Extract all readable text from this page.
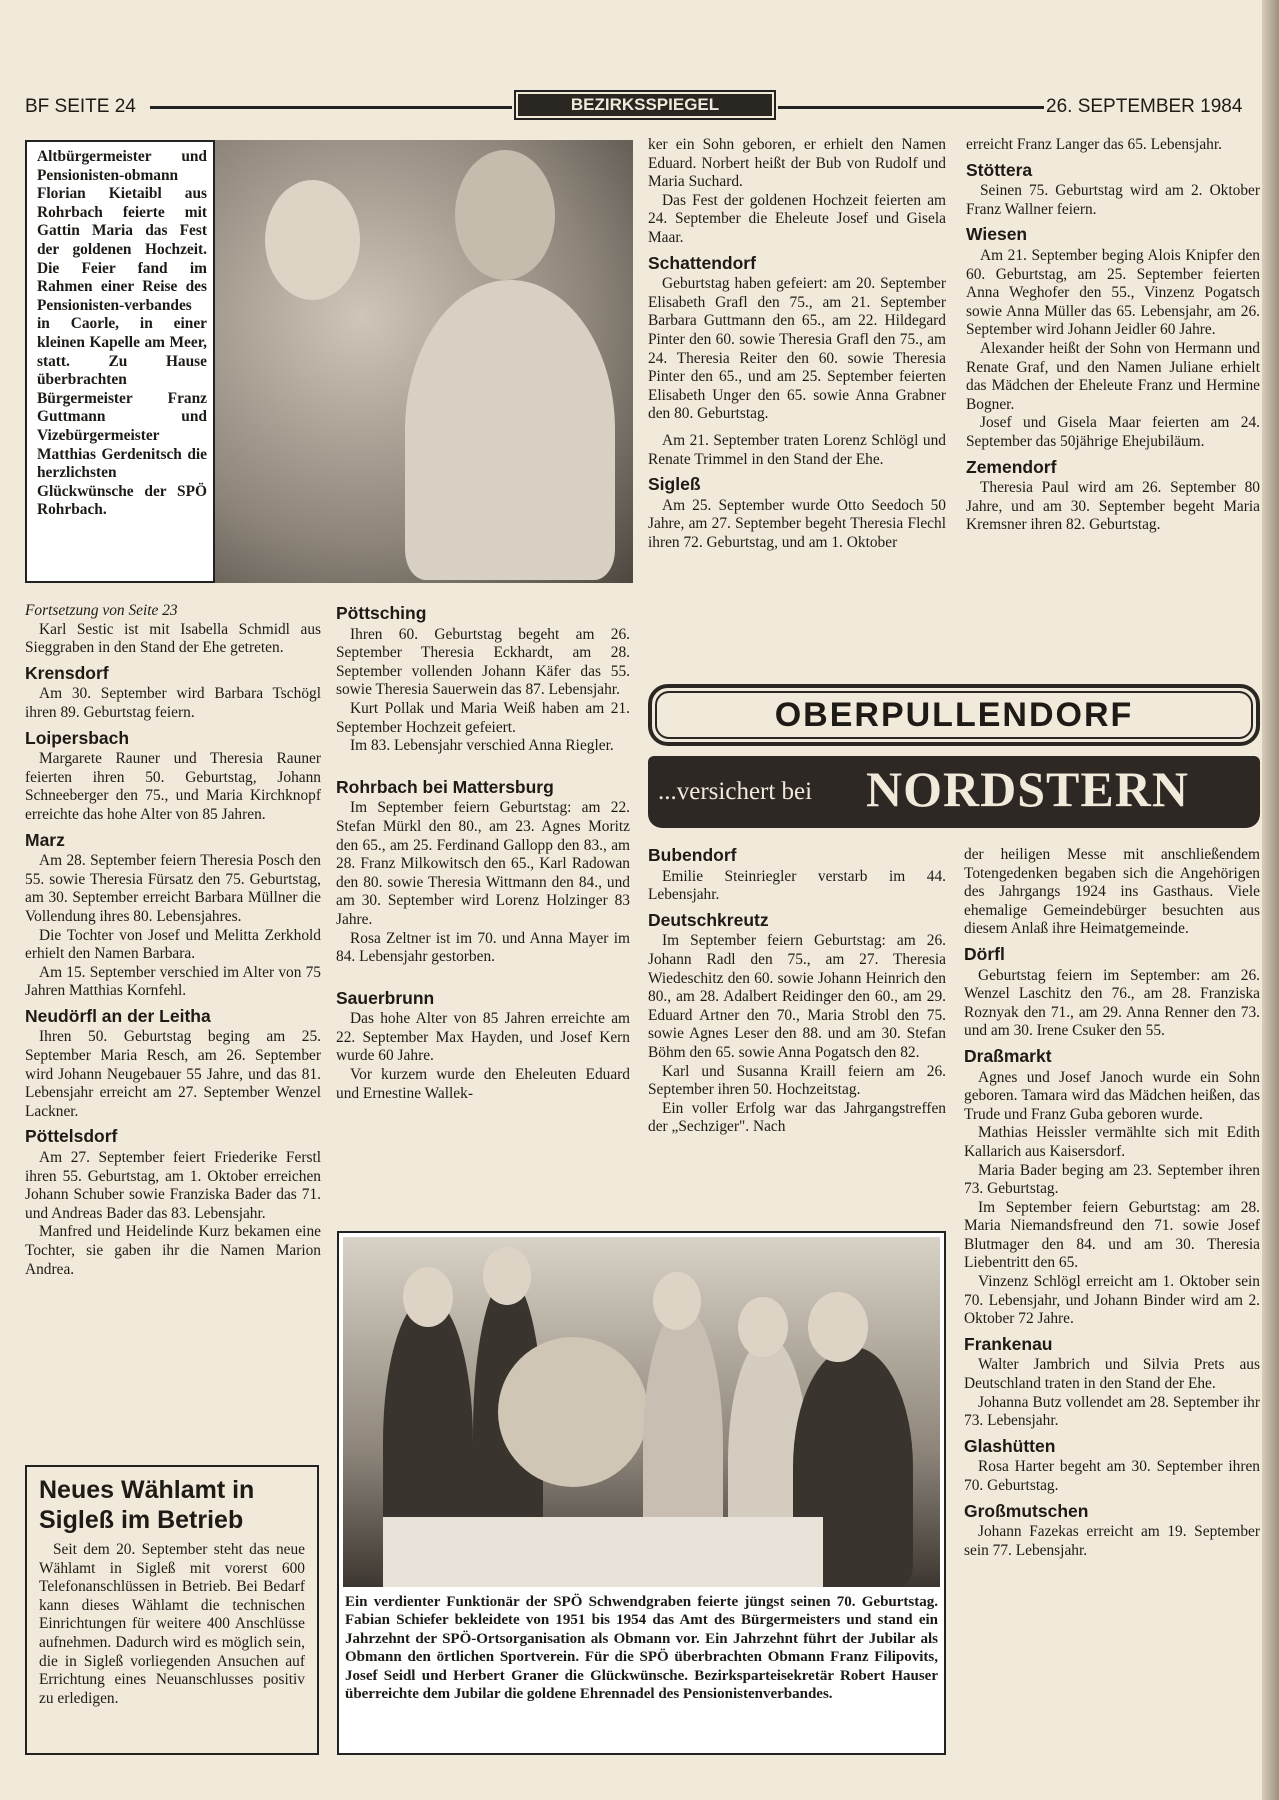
BF SEITE 24	BEZIRKSSPIEGEL	26. SEPTEMBER 1984
Altbürgermeister und Pensionisten-obmann Florian Kietaibl aus Rohrbach feierte mit Gattin Maria das Fest der goldenen Hochzeit. Die Feier fand im Rahmen einer Reise des Pensionisten-verbandes in Caorle, in einer kleinen Kapelle am Meer, statt. Zu Hause überbrachten Bürgermeister Franz Guttmann und Vizebürgermeister Matthias Gerdenitsch die herzlichsten Glückwünsche der SPÖ Rohrbach.

Fortsetzung von Seite 23

Karl Sestic ist mit Isabella Schmidl aus Sieggraben in den Stand der Ehe getreten.

Krensdorf

Am 30. September wird Barbara Tschögl ihren 89. Geburtstag feiern.

Loipersbach

Margarete Rauner und Theresia Rauner feierten ihren 50. Geburtstag, Johann Schneeberger den 75., und Maria Kirchknopf erreichte das hohe Alter von 85 Jahren.

Marz

Am 28. September feiern Theresia Posch den 55. sowie Theresia Fürsatz den 75. Geburtstag, am 30. September erreicht Barbara Müllner die Vollendung ihres 80. Lebensjahres.

Die Tochter von Josef und Melitta Zerkhold erhielt den Namen Barbara.

Am 15. September verschied im Alter von 75 Jahren Matthias Kornfehl.

Neudörfl an der Leitha

Ihren 50. Geburtstag beging am 25. September Maria Resch, am 26. September wird Johann Neugebauer 55 Jahre, und das 81. Lebensjahr erreicht am 27. September Wenzel Lackner.

Pöttelsdorf

Am 27. September feiert Friederike Ferstl ihren 55. Geburtstag, am 1. Oktober erreichen Johann Schuber sowie Franziska Bader das 71. und Andreas Bader das 83. Lebensjahr.

Manfred und Heidelinde Kurz bekamen eine Tochter, sie gaben ihr die Namen Marion Andrea.

Neues Wählamt in Sigleß im Betrieb
Seit dem 20. September steht das neue Wählamt in Sigleß mit vorerst 600 Telefonanschlüssen in Betrieb. Bei Bedarf kann dieses Wählamt die technischen Einrichtungen für weitere 400 Anschlüsse aufnehmen. Dadurch wird es möglich sein, die in Sigleß vorliegenden Ansuchen auf Errichtung eines Neuanschlusses positiv zu erledigen.
Pöttsching

Ihren 60. Geburtstag begeht am 26. September Theresia Eckhardt, am 28. September vollenden Johann Käfer das 55. sowie Theresia Sauerwein das 87. Lebensjahr.

Kurt Pollak und Maria Weiß haben am 21. September Hochzeit gefeiert.

Im 83. Lebensjahr verschied Anna Riegler.

Rohrbach bei Mattersburg

Im September feiern Geburtstag: am 22. Stefan Mürkl den 80., am 23. Agnes Moritz den 65., am 25. Ferdinand Gallopp den 83., am 28. Franz Milkowitsch den 65., Karl Radowan den 80. sowie Theresia Wittmann den 84., und am 30. September wird Lorenz Holzinger 83 Jahre.

Rosa Zeltner ist im 70. und Anna Mayer im 84. Lebensjahr gestorben.

Sauerbrunn

Das hohe Alter von 85 Jahren erreichte am 22. September Max Hayden, und Josef Kern wurde 60 Jahre.

Vor kurzem wurde den Eheleuten Eduard und Ernestine Wallek-

ker ein Sohn geboren, er erhielt den Namen Eduard. Norbert heißt der Bub von Rudolf und Maria Suchard.

Das Fest der goldenen Hochzeit feierten am 24. September die Eheleute Josef und Gisela Maar.

Schattendorf

Geburtstag haben gefeiert: am 20. September Elisabeth Grafl den 75., am 21. September Barbara Guttmann den 65., am 22. Hildegard Pinter den 60. sowie Theresia Grafl den 75., am 24. Theresia Reiter den 60. sowie Theresia Pinter den 65., und am 25. September feierten Elisabeth Unger den 65. sowie Anna Grabner den 80. Geburtstag.

Am 21. September traten Lorenz Schlögl und Renate Trimmel in den Stand der Ehe.

Sigleß

Am 25. September wurde Otto Seedoch 50 Jahre, am 27. September begeht Theresia Flechl ihren 72. Geburtstag, und am 1. Oktober

erreicht Franz Langer das 65. Lebensjahr.

Stöttera

Seinen 75. Geburtstag wird am 2. Oktober Franz Wallner feiern.

Wiesen

Am 21. September beging Alois Knipfer den 60. Geburtstag, am 25. September feierten Anna Weghofer den 55., Vinzenz Pogatsch sowie Anna Müller das 65. Lebensjahr, am 26. September wird Johann Jeidler 60 Jahre.

Alexander heißt der Sohn von Hermann und Renate Graf, und den Namen Juliane erhielt das Mädchen der Eheleute Franz und Hermine Bogner.

Josef und Gisela Maar feierten am 24. September das 50jährige Ehejubiläum.

Zemendorf

Theresia Paul wird am 26. September 80 Jahre, und am 30. September begeht Maria Kremsner ihren 82. Geburtstag.

OBERPULLENDORF
...versichert bei NORDSTERN
Bubendorf

Emilie Steinriegler verstarb im 44. Lebensjahr.

Deutschkreutz

Im September feiern Geburtstag: am 26. Johann Radl den 75., am 27. Theresia Wiedeschitz den 60. sowie Johann Heinrich den 80., am 28. Adalbert Reidinger den 60., am 29. Eduard Artner den 70., Maria Strobl den 75. sowie Agnes Leser den 88. und am 30. Stefan Böhm den 65. sowie Anna Pogatsch den 82.

Karl und Susanna Kraill feiern am 26. September ihren 50. Hochzeitstag.

Ein voller Erfolg war das Jahrgangstreffen der „Sechziger". Nach

der heiligen Messe mit anschließendem Totengedenken begaben sich die Angehörigen des Jahrgangs 1924 ins Gasthaus. Viele ehemalige Gemeindebürger besuchten aus diesem Anlaß ihre Heimatgemeinde.

Dörfl

Geburtstag feiern im September: am 26. Wenzel Laschitz den 76., am 28. Franziska Roznyak den 71., am 29. Anna Renner den 73. und am 30. Irene Csuker den 55.

Draßmarkt

Agnes und Josef Janoch wurde ein Sohn geboren. Tamara wird das Mädchen heißen, das Trude und Franz Guba geboren wurde.

Mathias Heissler vermählte sich mit Edith Kallarich aus Kaisersdorf.

Maria Bader beging am 23. September ihren 73. Geburtstag.

Im September feiern Geburtstag: am 28. Maria Niemandsfreund den 71. sowie Josef Blutmager den 84. und am 30. Theresia Liebentritt den 65.

Vinzenz Schlögl erreicht am 1. Oktober sein 70. Lebensjahr, und Johann Binder wird am 2. Oktober 72 Jahre.

Frankenau

Walter Jambrich und Silvia Prets aus Deutschland traten in den Stand der Ehe.

Johanna Butz vollendet am 28. September ihr 73. Lebensjahr.

Glashütten

Rosa Harter begeht am 30. September ihren 70. Geburtstag.

Großmutschen

Johann Fazekas erreicht am 19. September sein 77. Lebensjahr.

Ein verdienter Funktionär der SPÖ Schwendgraben feierte jüngst seinen 70. Geburtstag. Fabian Schiefer bekleidete von 1951 bis 1954 das Amt des Bürgermeisters und stand ein Jahrzehnt der SPÖ-Ortsorganisation als Obmann vor. Ein Jahrzehnt führt der Jubilar als Obmann den örtlichen Sportverein. Für die SPÖ überbrachten Obmann Franz Filipovits, Josef Seidl und Herbert Graner die Glückwünsche. Bezirksparteisekretär Robert Hauser überreichte dem Jubilar die goldene Ehrennadel des Pensionistenverbandes.
